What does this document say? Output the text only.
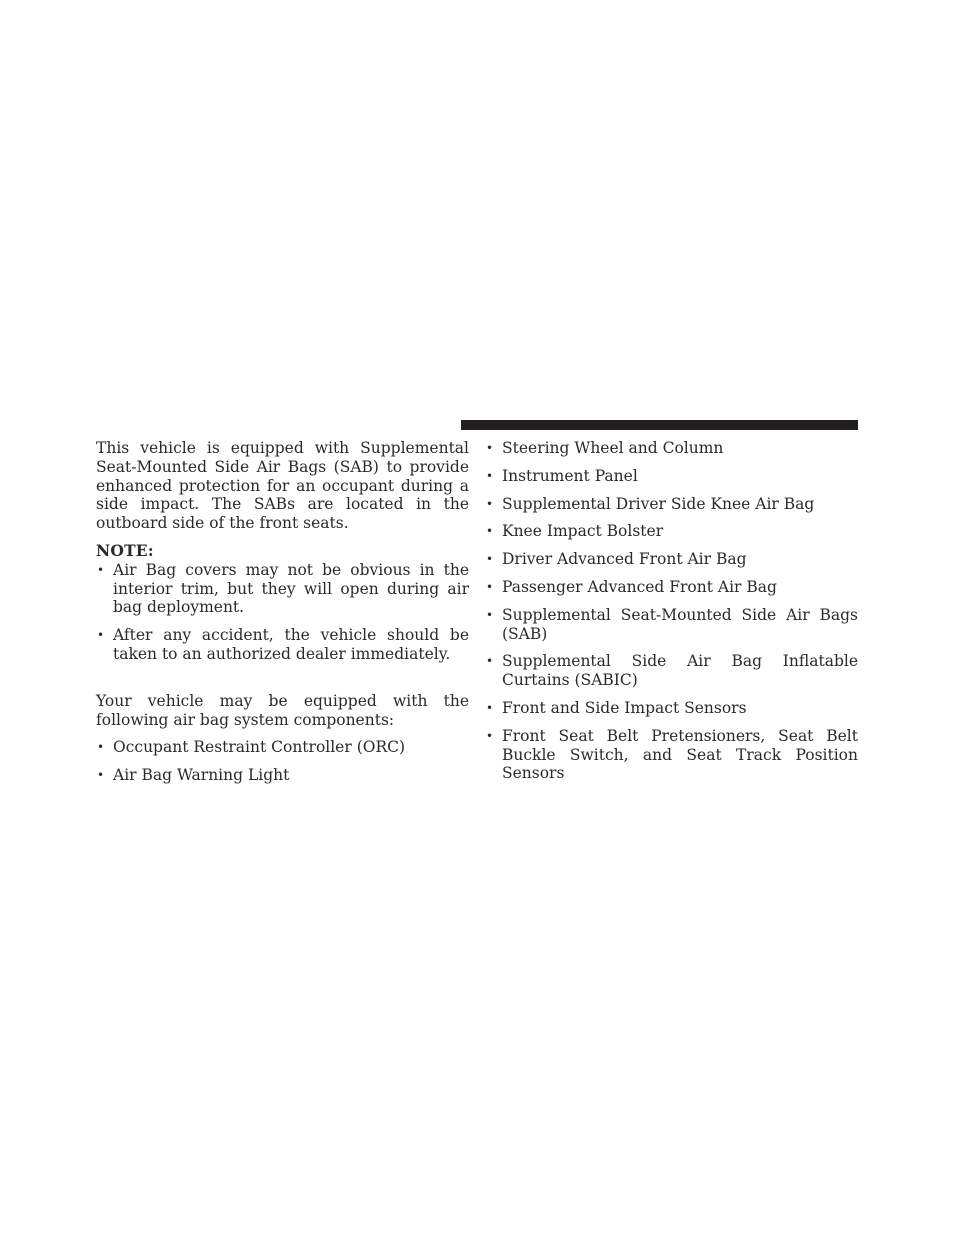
This vehicle is equipped with Supplemental Seat-Mounted Side Air Bags (SAB) to provide enhanced protection for an occupant during a side impact. The SABs are located in the outboard side of the front seats.

NOTE:
• Air Bag covers may not be obvious in the interior trim, but they will open during air bag deployment.
• After any accident, the vehicle should be taken to an authorized dealer immediately.

Your vehicle may be equipped with the following air bag system components:

• Occupant Restraint Controller (ORC)
• Air Bag Warning Light
• Steering Wheel and Column
• Instrument Panel
• Supplemental Driver Side Knee Air Bag
• Knee Impact Bolster
• Driver Advanced Front Air Bag
• Passenger Advanced Front Air Bag
• Supplemental Seat-Mounted Side Air Bags (SAB)
• Supplemental Side Air Bag Inflatable Curtains (SABIC)
• Front and Side Impact Sensors
• Front Seat Belt Pretensioners, Seat Belt Buckle Switch, and Seat Track Position Sensors
